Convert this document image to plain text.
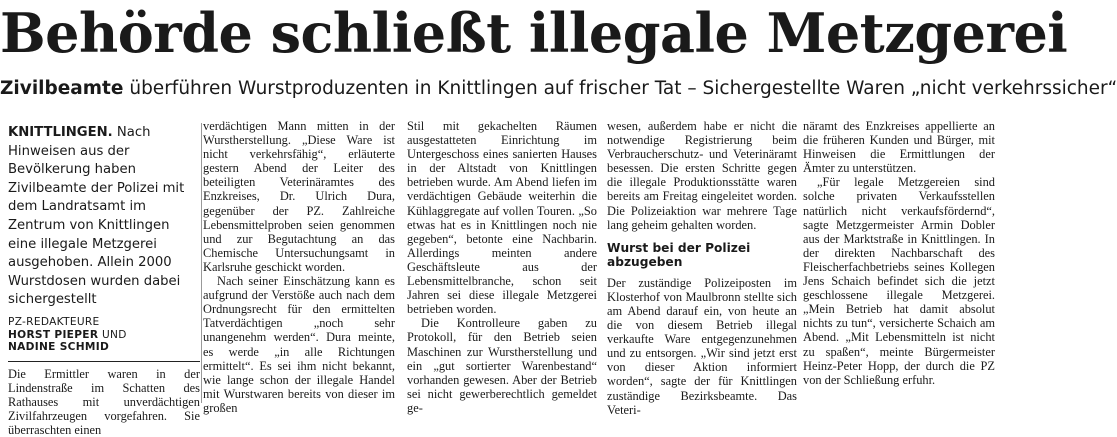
Behörde schließt illegale Metzgerei
Zivilbeamte überführen Wurstproduzenten in Knittlingen auf frischer Tat – Sichergestellte Waren „nicht verkehrssicher“
KNITTLINGEN. Nach Hinweisen aus der Bevölkerung haben Zivilbeamte der Polizei mit dem Landratsamt im Zentrum von Knittlingen eine illegale Metzgerei ausgehoben. Allein 2000 Wurstdosen wurden dabei sichergestellt
PZ-REDAKTEURE
HORST PIEPER UND
NADINE SCHMID

Die Ermittler waren in der Lindenstraße im Schatten des Rathauses mit unverdächtigen Zivilfahrzeugen vorgefahren. Sie überraschten einen

verdächtigen Mann mitten in der Wurstherstellung. „Diese Ware ist nicht verkehrsfähig“, erläuterte gestern Abend der Leiter des beteiligten Veterinäramtes des Enzkreises, Dr. Ulrich Dura, gegenüber der PZ. Zahlreiche Lebensmittelproben seien genommen und zur Begutachtung an das Chemische Untersuchungsamt in Karlsruhe geschickt worden.

Nach seiner Einschätzung kann es aufgrund der Verstöße auch nach dem Ordnungsrecht für den ermittelten Tatverdächtigen „noch sehr unangenehm werden“. Dura meinte, es werde „in alle Richtungen ermittelt“. Es sei ihm nicht bekannt, wie lange schon der illegale Handel mit Wurstwaren bereits von dieser im großen

Stil mit gekachelten Räumen ausgestatteten Einrichtung im Untergeschoss eines sanierten Hauses in der Altstadt von Knittlingen betrieben wurde. Am Abend liefen im verdächtigen Gebäude weiterhin die Kühlaggregate auf vollen Touren. „So etwas hat es in Knittlingen noch nie gegeben“, betonte eine Nachbarin. Allerdings meinten andere Geschäftsleute aus der Lebensmittelbranche, schon seit Jahren sei diese illegale Metzgerei betrieben worden.

Die Kontrolleure gaben zu Protokoll, für den Betrieb seien Maschinen zur Wurstherstellung und ein „gut sortierter Warenbestand“ vorhanden gewesen. Aber der Betrieb sei nicht gewerberechtlich gemeldet ge-

wesen, außerdem habe er nicht die notwendige Registrierung beim Verbraucherschutz- und Veterinäramt besessen. Die ersten Schritte gegen die illegale Produktionsstätte waren bereits am Freitag eingeleitet worden. Die Polizeiaktion war mehrere Tage lang geheim gehalten worden.

Wurst bei der Polizei abzugeben

Der zuständige Polizeiposten im Klosterhof von Maulbronn stellte sich am Abend darauf ein, von heute an die von diesem Betrieb illegal verkaufte Ware entgegenzunehmen und zu entsorgen. „Wir sind jetzt erst von dieser Aktion informiert worden“, sagte der für Knittlingen zuständige Bezirksbeamte. Das Veteri-

näramt des Enzkreises appellierte an die früheren Kunden und Bürger, mit Hinweisen die Ermittlungen der Ämter zu unterstützen.

„Für legale Metzgereien sind solche privaten Verkaufsstellen natürlich nicht verkaufsfördernd“, sagte Metzgermeister Armin Dobler aus der Marktstraße in Knittlingen. In der direkten Nachbarschaft des Fleischerfachbetriebs seines Kollegen Jens Schaich befindet sich die jetzt geschlossene illegale Metzgerei. „Mein Betrieb hat damit absolut nichts zu tun“, versicherte Schaich am Abend. „Mit Lebensmitteln ist nicht zu spaßen“, meinte Bürgermeister Heinz-Peter Hopp, der durch die PZ von der Schließung erfuhr.
